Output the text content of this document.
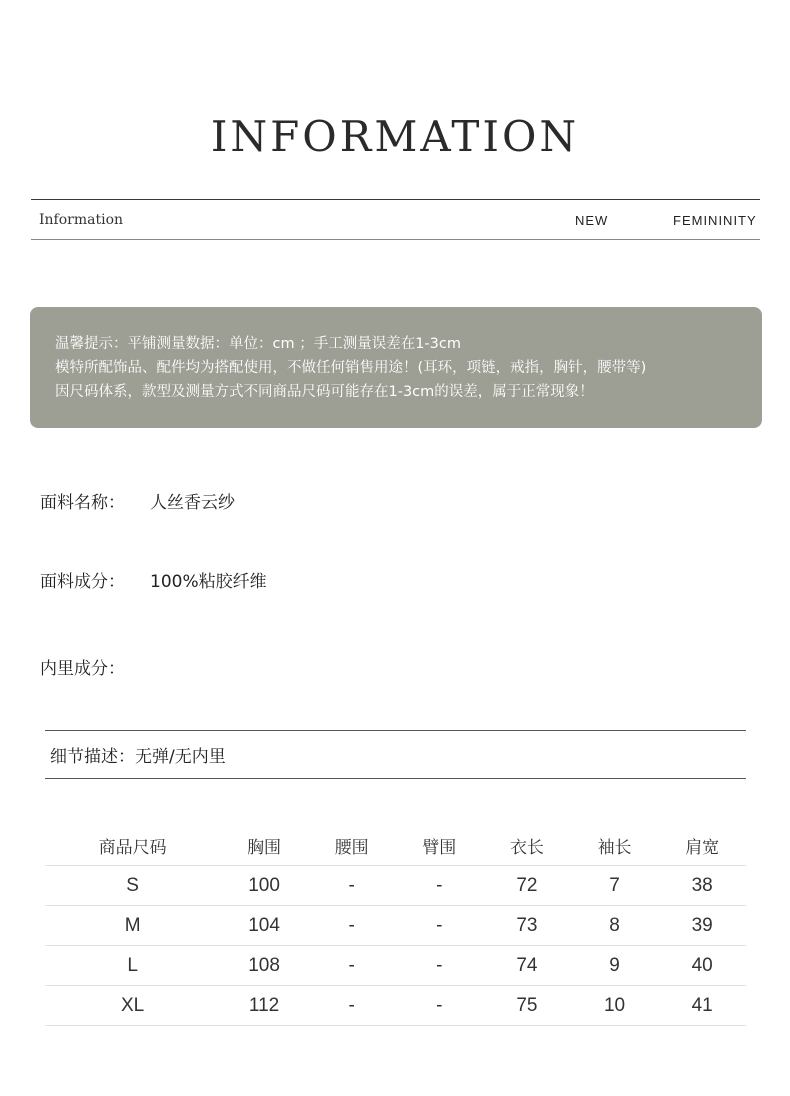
INFORMATION
Information	NEW	FEMININITY
温馨提示：平铺测量数据：单位：cm ；手工测量误差在1-3cm
模特所配饰品、配件均为搭配使用，不做任何销售用途！(耳环，项链，戒指，胸针，腰带等)
因尺码体系，款型及测量方式不同商品尺码可能存在1-3cm的误差，属于正常现象！
面料名称： 人丝香云纱
面料成分： 100%粘胶纤维
内里成分：
细节描述：无弹/无内里
商品尺码	胸围	腰围	臂围	衣长	袖长	肩宽
S	100	-	-	72	7	38
M	104	-	-	73	8	39
L	108	-	-	74	9	40
XL	112	-	-	75	10	41
